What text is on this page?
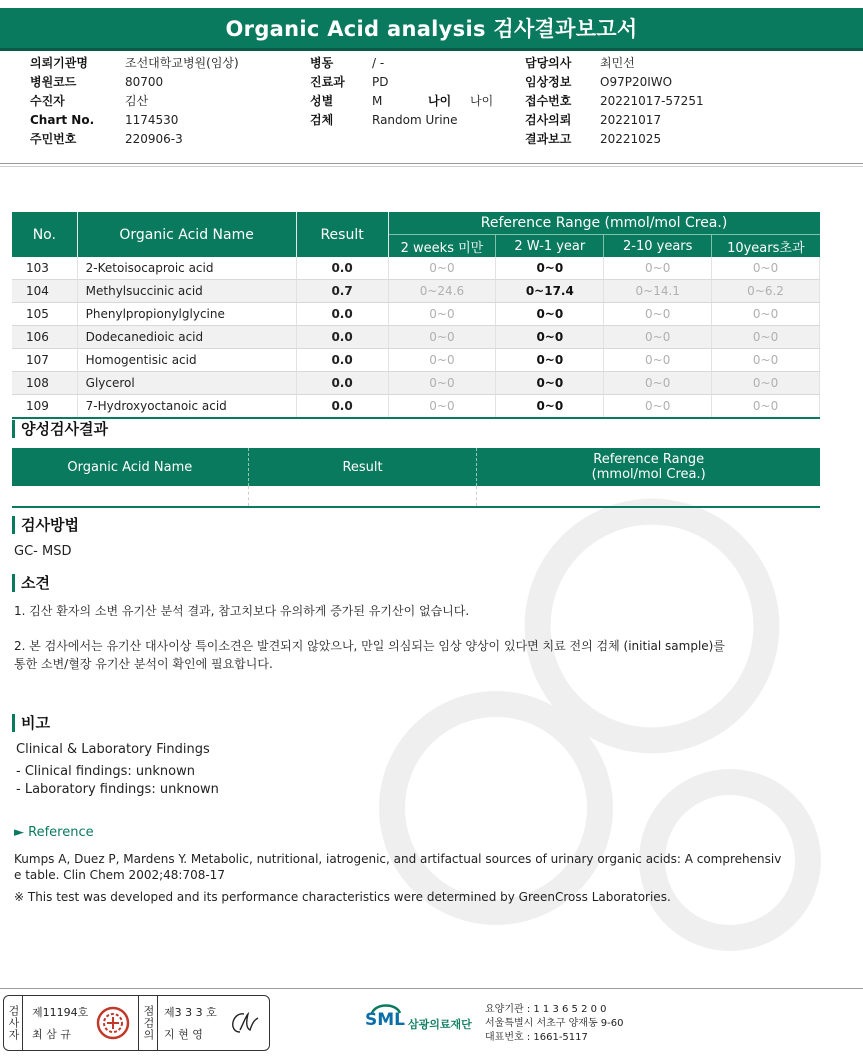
Organic Acid analysis 검사결과보고서
의뢰기관명	조선대학교병원(임상)
병원코드	80700
수진자	김산
Chart No.	1174530
주민번호	220906-3
병동	/ -
진료과 PD
성별	M	나이 나이
검체	Random Urine
담당의사 최민선
임상정보 O97P20IWO
접수번호 20221017-57251
검사의뢰 20221017
결과보고 20221025
No.	Organic Acid Name	Result	Reference Range (mmol/mol Crea.)			
			2 weeks 미만	2 W-1 year	2-10 years	10years초과
103	2-Ketoisocaproic acid	0.0	0~0	0~0	0~0	0~0
104	Methylsuccinic acid	0.7	0~24.6	0~17.4	0~14.1	0~6.2
105	Phenylpropionylglycine	0.0	0~0	0~0	0~0	0~0
106	Dodecanedioic acid	0.0	0~0	0~0	0~0	0~0
107	Homogentisic acid	0.0	0~0	0~0	0~0	0~0
108	Glycerol	0.0	0~0	0~0	0~0	0~0
109	7-Hydroxyoctanoic acid	0.0	0~0	0~0	0~0	0~0
양성검사결과
Organic Acid Name	Result	Reference Range
(mmol/mol Crea.)

검사방법
GC- MSD
소견
1. 김산 환자의 소변 유기산 분석 결과, 참고치보다 유의하게 증가된 유기산이 없습니다.
2. 본 검사에서는 유기산 대사이상 특이소견은 발견되지 않았으나, 만일 의심되는 임상 양상이 있다면 치료 전의 검체 (initial sample)를
통한 소변/혈장 유기산 분석이 확인에 필요합니다.
비고
Clinical & Laboratory Findings
- Clinical findings: unknown
- Laboratory findings: unknown
► Reference
Kumps A, Duez P, Mardens Y. Metabolic, nutritional, iatrogenic, and artifactual sources of urinary organic acids: A comprehensiv
e table. Clin Chem 2002;48:708-17
※ This test was developed and its performance characteristics were determined by GreenCross Laboratories.
검사자 제11194호
최 삼 규	점검의 제3 3 3 호
지 현 영
SML 삼광의료재단
요양기관 : 1 1 3 6 5 2 0 0
서울특별시 서초구 양재동 9-60
대표번호 : 1661-5117
